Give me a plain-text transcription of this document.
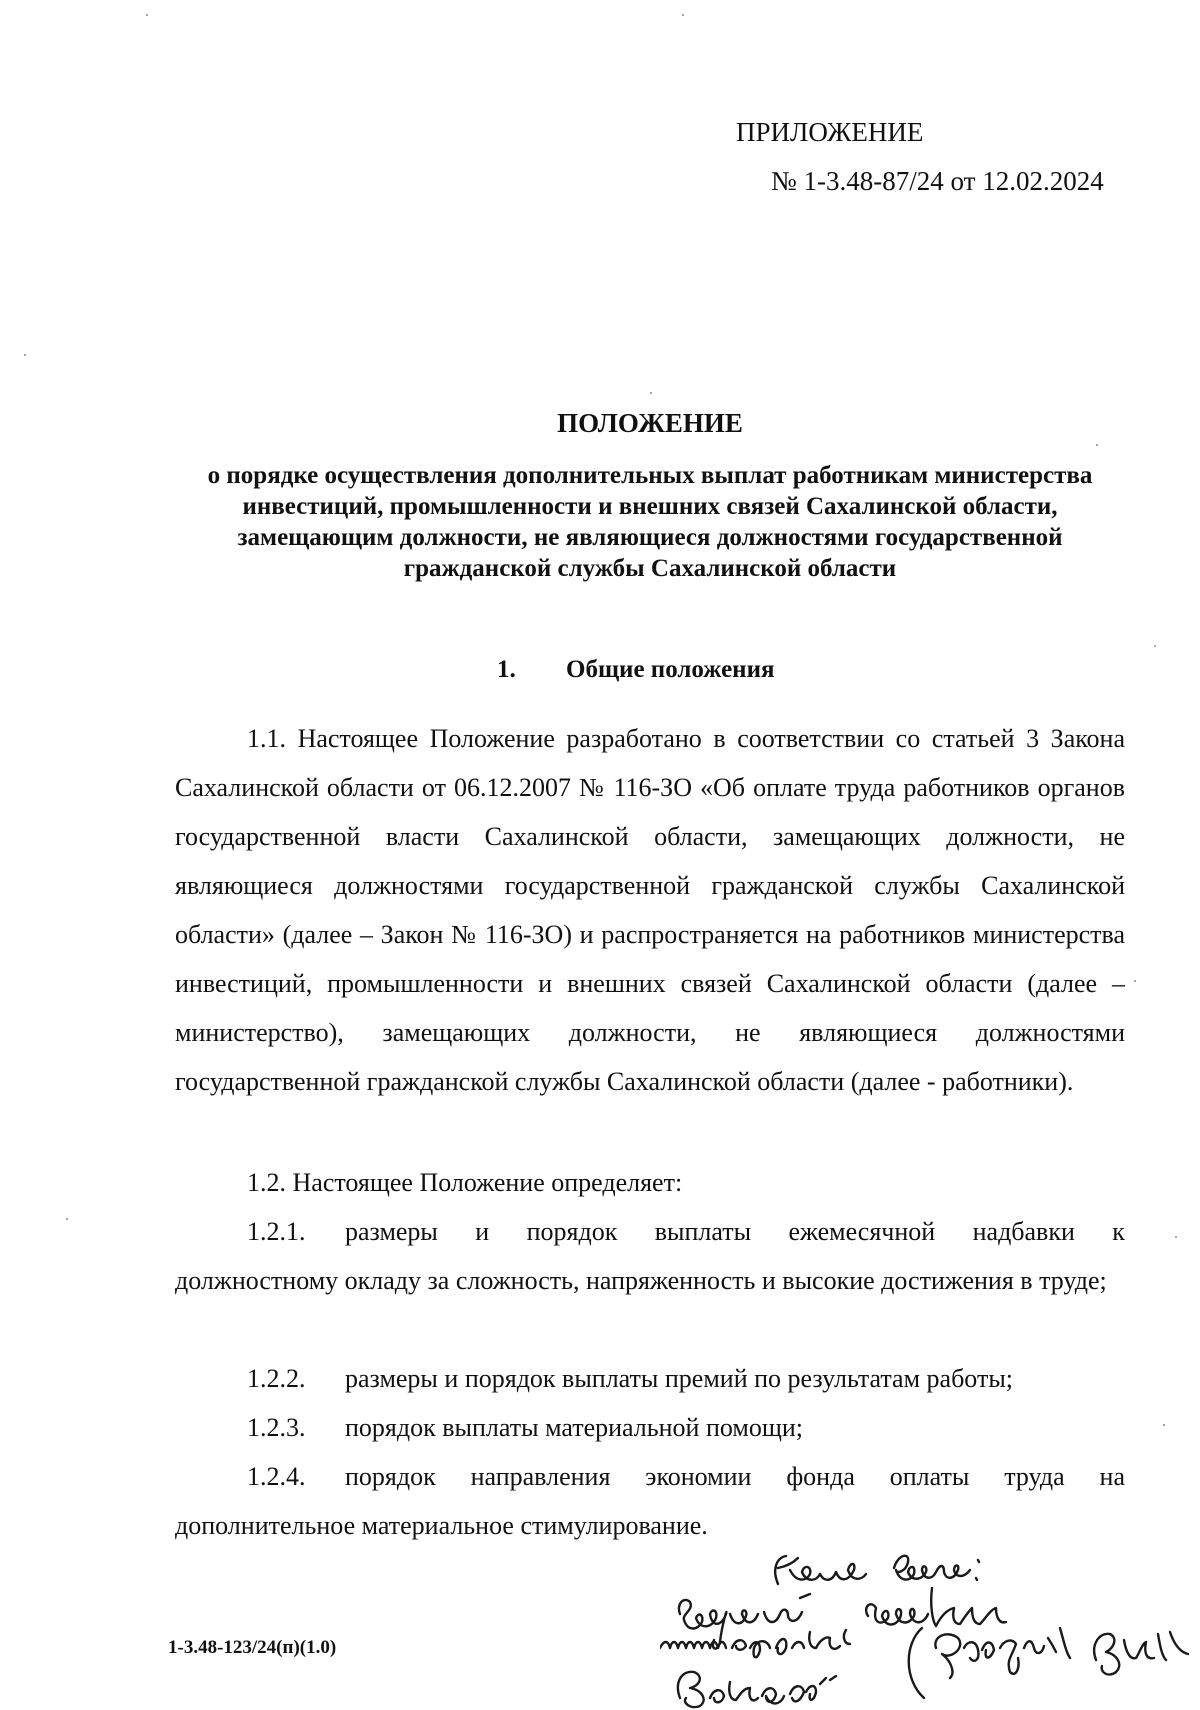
ПРИЛОЖЕНИЕ
№ 1-3.48-87/24 от 12.02.2024
ПОЛОЖЕНИЕ
о порядке осуществления дополнительных выплат работникам министерства инвестиций, промышленности и внешних связей Сахалинской области, замещающим должности, не являющиеся должностями государственной гражданской службы Сахалинской области
1. Общие положения

1.1. Настоящее Положение разработано в соответствии со статьей 3 Закона Сахалинской области от 06.12.2007 № 116-ЗО «Об оплате труда работников органов государственной власти Сахалинской области, замещающих должности, не являющиеся должностями государственной гражданской службы Сахалинской области» (далее – Закон № 116-ЗО) и распространяется на работников министерства инвестиций, промышленности и внешних связей Сахалинской области (далее – министерство), замещающих должности, не являющиеся должностями государственной гражданской службы Сахалинской области (далее - работники).

1.2. Настоящее Положение определяет:

1.2.1. размеры и порядок выплаты ежемесячной надбавки к
должностному окладу за сложность, напряженность и высокие достижения в труде;
1.2.2. размеры и порядок выплаты премий по результатам работы;
1.2.3. порядок выплаты материальной помощи;
1.2.4.	порядок направления экономии фонда оплаты труда на
дополнительное материальное стимулирование.
1-3.48-123/24(п)(1.0)
